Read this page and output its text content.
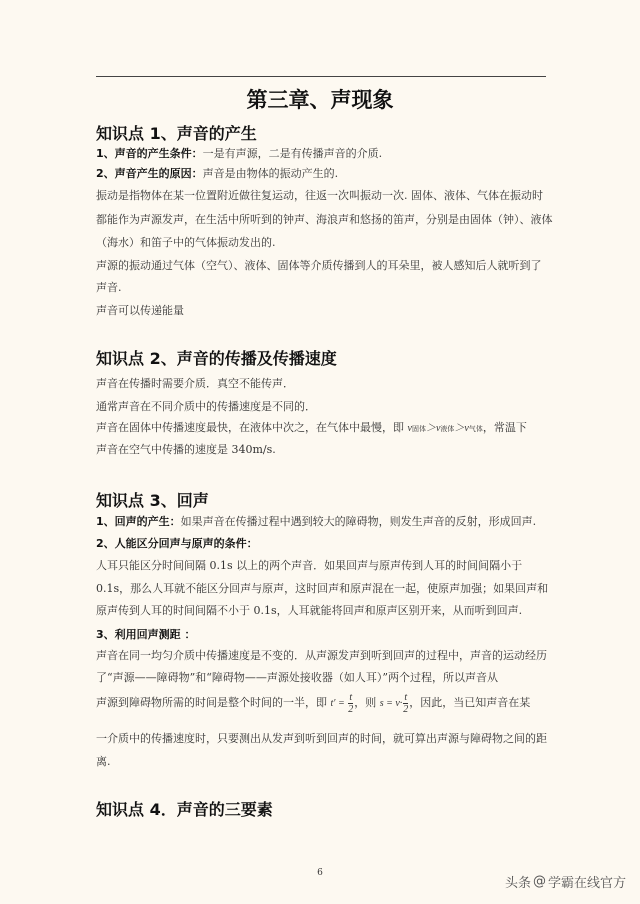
第三章、声现象
知识点 1、声音的产生
1、声音的产生条件：一是有声源，二是有传播声音的介质.
2、声音产生的原因：声音是由物体的振动产生的.
振动是指物体在某一位置附近做往复运动，往返一次叫振动一次. 固体、液体、气体在振动时
都能作为声源发声，在生活中所听到的钟声、海浪声和悠扬的笛声，分别是由固体（钟）、液体
（海水）和笛子中的气体振动发出的.
声源的振动通过气体（空气）、液体、固体等介质传播到人的耳朵里，被人感知后人就听到了
声音.
声音可以传递能量
知识点 2、声音的传播及传播速度
声音在传播时需要介质．真空不能传声．
通常声音在不同介质中的传播速度是不同的．
声音在固体中传播速度最快，在液体中次之，在气体中最慢，即 v固体＞v液体＞v气体，常温下
声音在空气中传播的速度是 340m/s.
知识点 3、回声
1、回声的产生：如果声音在传播过程中遇到较大的障碍物，则发生声音的反射，形成回声.
2、人能区分回声与原声的条件：
人耳只能区分时间间隔 0.1s 以上的两个声音．如果回声与原声传到人耳的时间间隔小于
0.1s，那么人耳就不能区分回声与原声，这时回声和原声混在一起，使原声加强；如果回声和
原声传到人耳的时间间隔不小于 0.1s，人耳就能将回声和原声区别开来，从而听到回声.
3、利用回声测距 ：
声音在同一均匀介质中传播速度是不变的．从声源发声到听到回声的过程中，声音的运动经历
了“声源——障碍物”和“障碍物——声源处接收器（如人耳）”两个过程，所以声音从
声源到障碍物所需的时间是整个时间的一半，即 $t' = \frac{t}{2}$ ，则 $s = v\cdot \frac{t}{2}$ ，因此，当已知声音在某
一介质中的传播速度时，只要测出从发声到听到回声的时间，就可算出声源与障碍物之间的距
离.
知识点 4．声音的三要素
6
头条 @ 学霸在线官方
